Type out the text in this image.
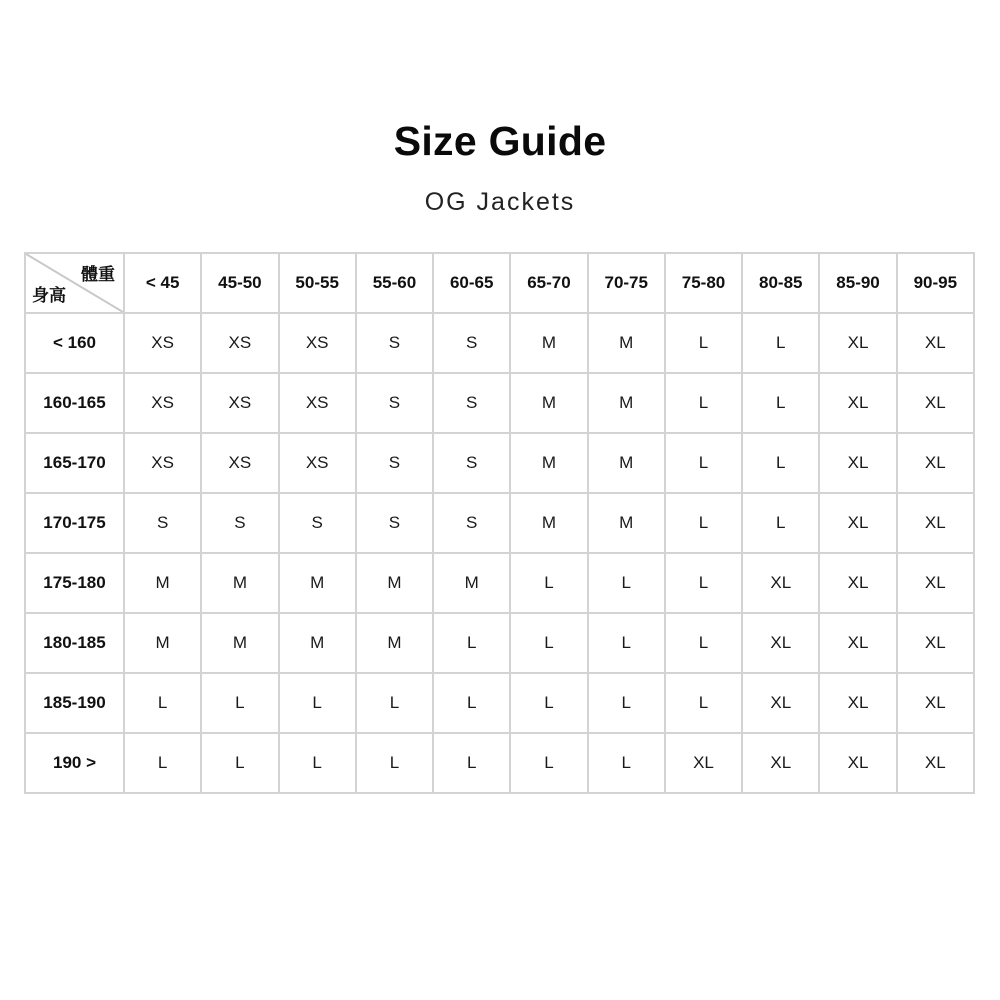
Size Guide
OG Jackets
體重
身高	< 45	45-50	50-55	55-60	60-65	65-70	70-75	75-80	80-85	85-90	90-95
< 160	XS	XS	XS	S	S	M	M	L	L	XL	XL
160-165	XS	XS	XS	S	S	M	M	L	L	XL	XL
165-170	XS	XS	XS	S	S	M	M	L	L	XL	XL
170-175	S	S	S	S	S	M	M	L	L	XL	XL
175-180	M	M	M	M	M	L	L	L	XL	XL	XL
180-185	M	M	M	M	L	L	L	L	XL	XL	XL
185-190	L	L	L	L	L	L	L	L	XL	XL	XL
190 >	L	L	L	L	L	L	L	XL	XL	XL	XL
